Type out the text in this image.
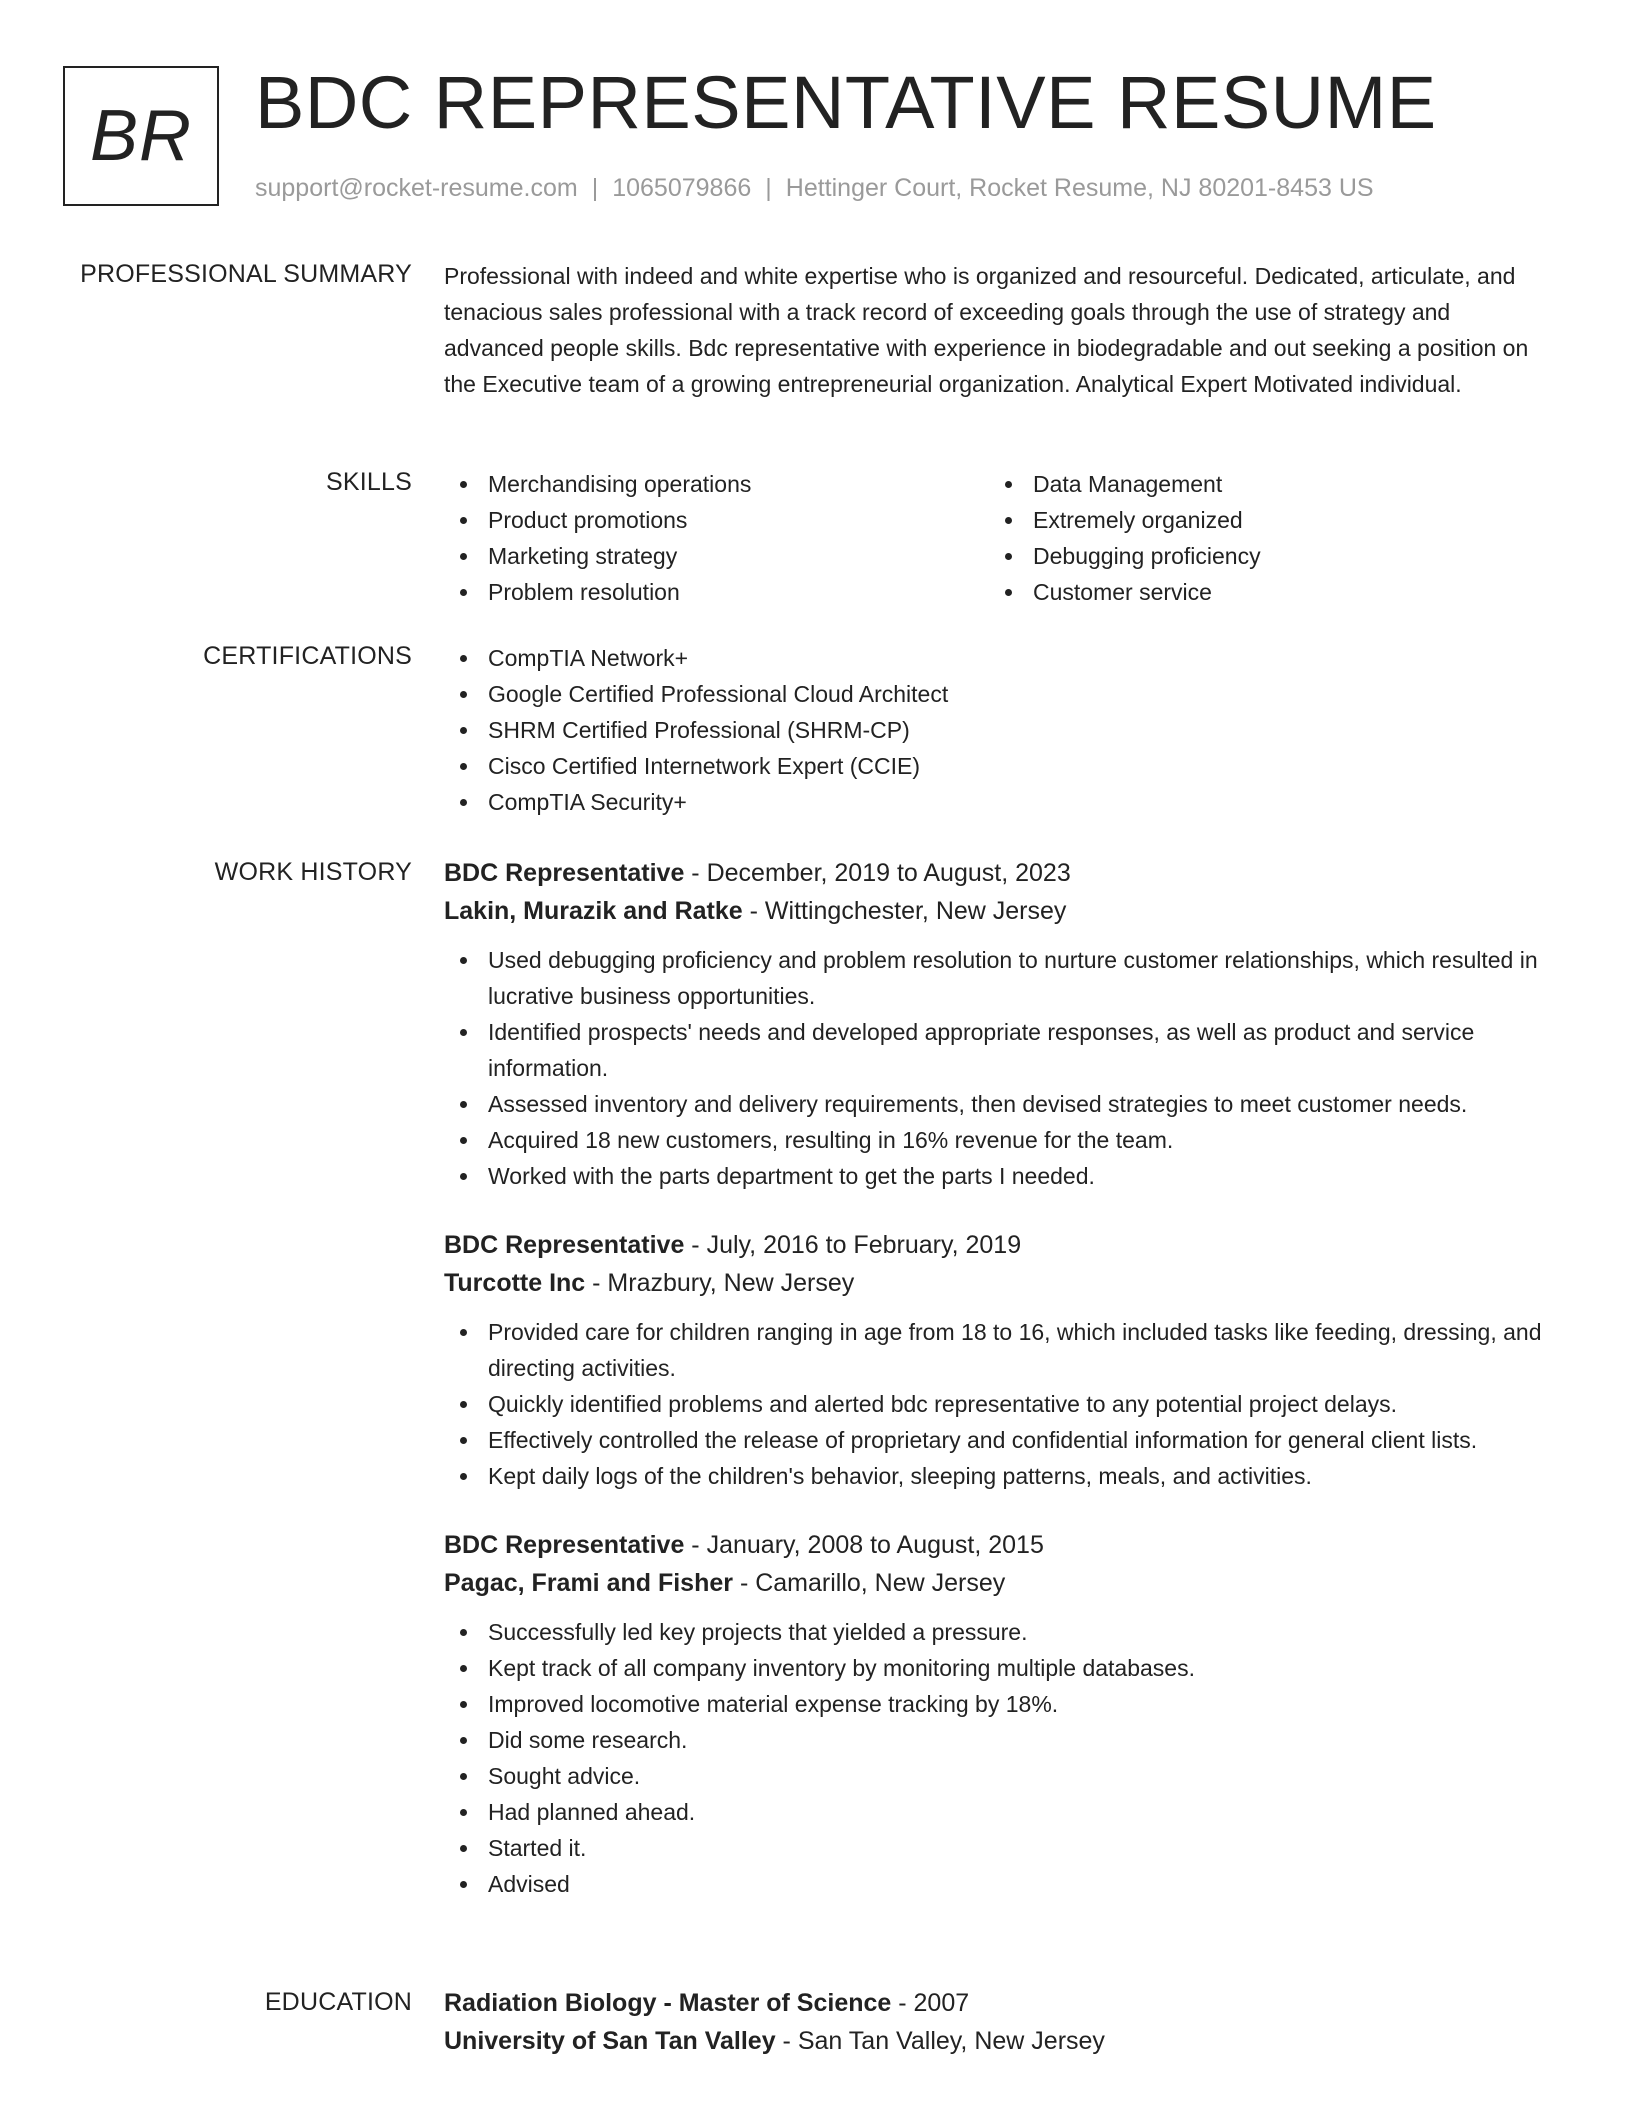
BR BDC REPRESENTATIVE RESUME
support@rocket-resume.com | 1065079866 | Hettinger Court, Rocket Resume, NJ 80201-8453 US
PROFESSIONAL SUMMARY Professional with indeed and white expertise who is organized and resourceful. Dedicated, articulate, and tenacious sales professional with a track record of exceeding goals through the use of strategy and advanced people skills. Bdc representative with experience in biodegradable and out seeking a position on the Executive team of a growing entrepreneurial organization. Analytical Expert Motivated individual.

SKILLS	Merchandising operations
Product promotions
Marketing strategy
Problem resolution
Data Management
Extremely organized
Debugging proficiency
Customer service
CERTIFICATIONS	CompTIA Network+
Google Certified Professional Cloud Architect
SHRM Certified Professional (SHRM-CP)
Cisco Certified Internetwork Expert (CCIE)
CompTIA Security+
WORK HISTORY BDC Representative - December, 2019 to August, 2023
Lakin, Murazik and Ratke - Wittingchester, New Jersey
Used debugging proficiency and problem resolution to nurture customer relationships, which resulted in lucrative business opportunities.
Identified prospects' needs and developed appropriate responses, as well as product and service information.
Assessed inventory and delivery requirements, then devised strategies to meet customer needs.
Acquired 18 new customers, resulting in 16% revenue for the team.
Worked with the parts department to get the parts I needed.
BDC Representative - July, 2016 to February, 2019
Turcotte Inc - Mrazbury, New Jersey
Provided care for children ranging in age from 18 to 16, which included tasks like feeding, dressing, and directing activities.
Quickly identified problems and alerted bdc representative to any potential project delays.
Effectively controlled the release of proprietary and confidential information for general client lists.
Kept daily logs of the children's behavior, sleeping patterns, meals, and activities.
BDC Representative - January, 2008 to August, 2015
Pagac, Frami and Fisher - Camarillo, New Jersey
Successfully led key projects that yielded a pressure.
Kept track of all company inventory by monitoring multiple databases.
Improved locomotive material expense tracking by 18%.
Did some research.
Sought advice.
Had planned ahead.
Started it.
Advised
EDUCATION Radiation Biology - Master of Science - 2007
University of San Tan Valley - San Tan Valley, New Jersey
